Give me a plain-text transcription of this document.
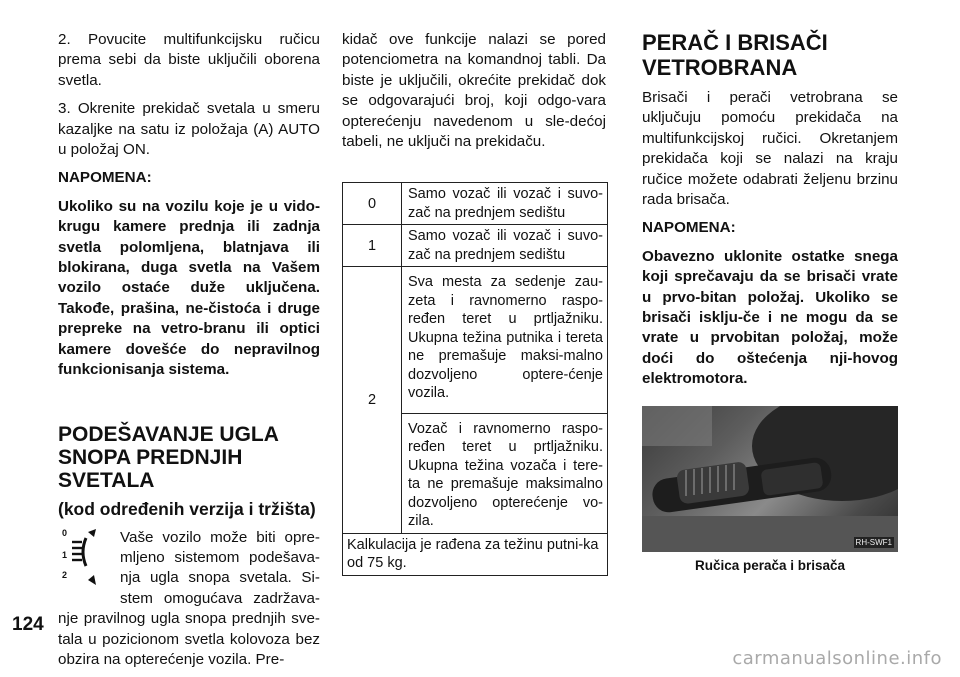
2. Povucite multifunkcijsku ručicu prema sebi da biste uključili oborena svetla.

3. Okrenite prekidač svetala u smeru kazaljke na satu iz položaja (A) AUTO u položaj ON.

NAPOMENA:

Ukoliko su na vozilu koje je u vido-krugu kamere prednja ili zadnja svetla polomljena, blatnjava ili blokirana, duga svetla na Vašem vozilo ostaće duže uključena. Takođe, prašina, ne-čistoća i druge prepreke na vetro-branu ili optici kamere dovešće do nepravilnog funkcionisanja sistema.

PODEŠAVANJE UGLA SNOPA PREDNJIH SVETALA
(kod određenih verzija i tržišta)
0
1
2

Vaše vozilo može biti opre-mljeno sistemom podešava-nja ugla snopa svetala. Si-stem omogućava zadržava-nje pravilnog ugla snopa prednjih sve-tala u pozicionom svetla kolovoza bez obzira na opterećenje vozila. Pre-

kidač ove funkcije nalazi se pored potenciometra na komandnoj tabli. Da biste je uključili, okrećite prekidač dok se odgovarajući broj, koji odgo-vara opterećenju navedenom u sle-dećoj tabeli, ne uključi na prekidaču.

0	Samo vozač ili vozač i suvo-zač na prednjem sedištu
1	Samo vozač ili vozač i suvo-zač na prednjem sedištu
2	Sva mesta za sedenje zau-zeta i ravnomerno raspo-ređen teret u prtljažniku. Ukupna težina putnika i tereta ne premašuje maksi-malno dozvoljeno optere-ćenje vozila.
	Vozač i ravnomerno raspo-ređen teret u prtljažniku. Ukupna težina vozača i tere-ta ne premašuje maksimalno dozvoljeno opterećenje vo-zila.
Kalkulacija je rađena za težinu putni-ka od 75 kg.	
PERAČ I BRISAČI VETROBRANA

Brisači i perači vetrobrana se uključuju pomoću prekidača na multifunkcijskoj ručici. Okretanjem prekidača koji se nalazi na kraju ručice možete odabrati željenu brzinu rada brisača.

NAPOMENA:

Obavezno uklonite ostatke snega koji sprečavaju da se brisači vrate u prvo-bitan položaj. Ukoliko se brisači isklju-če i ne mogu da se vrate u prvobitan položaj, može doći do oštećenja nji-hovog elektromotora.

RH-SWF1

Ručica perača i brisača

124
carmanualsonline.info
